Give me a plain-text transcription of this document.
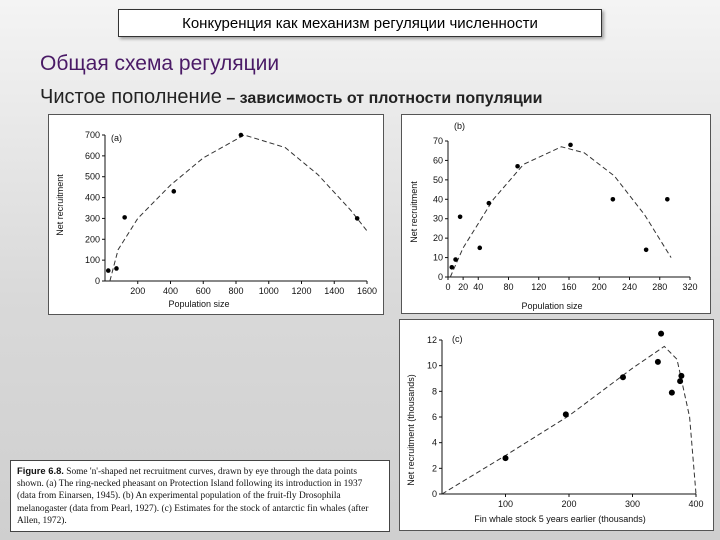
Конкуренция как механизм регуляции численности
Общая схема регуляции
Чистое пополнение – зависимость от плотности популяции
200 400 600 800 1000 1200 1400 1600
0
100
200
300
400
500
600
700
Population size
Net recruitment
(a)
0 20 40 80 120 160 200 240 280 320
0
10
20
30
40
50
60
70
Population size
Net recruitment
(b)
100	200	300	400
0
2
4
6
8
10
12
Fin whale stock 5 years earlier (thousands)
Net recruitment (thousands)
(c)
Figure 6.8. Some 'n'-shaped net recruitment curves, drawn by eye through the data points shown. (a) The ring-necked pheasant on Protection Island following its introduction in 1937 (data from Einarsen, 1945). (b) An experimental population of the fruit-fly Drosophila melanogaster (data from Pearl, 1927). (c) Estimates for the stock of antarctic fin whales (after Allen, 1972).
